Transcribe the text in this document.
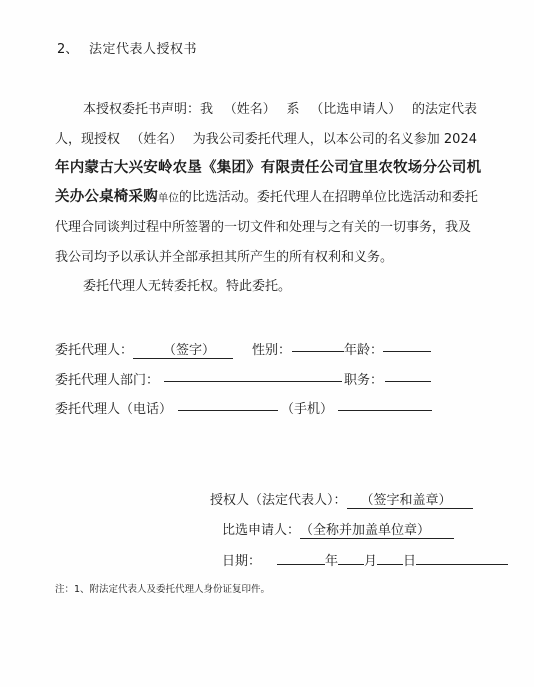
2、 法定代表人授权书
本授权委托书声明：我 （姓名） 系 （比选申请人） 的法定代表
人，现授权 （姓名） 为我公司委托代理人，以本公司的名义参加 2024
年内蒙古大兴安岭农垦《集团》有限责任公司宜里农牧场分公司机
关办公桌椅采购单位的比选活动。委托代理人在招聘单位比选活动和委托
代理合同谈判过程中所签署的一切文件和处理与之有关的一切事务，我及
我公司均予以承认并全部承担其所产生的所有权利和义务。
委托代理人无转委托权。特此委托。
委托代理人： （签字）	性别：	年龄：
委托代理人部门：	职务：
委托代理人（电话）	（手机）
授权人（法定代表人）： （签字和盖章）
比选申请人：（全称并加盖单位章）
日期：	年 月 日
注：1、附法定代表人及委托代理人身份证复印件。
